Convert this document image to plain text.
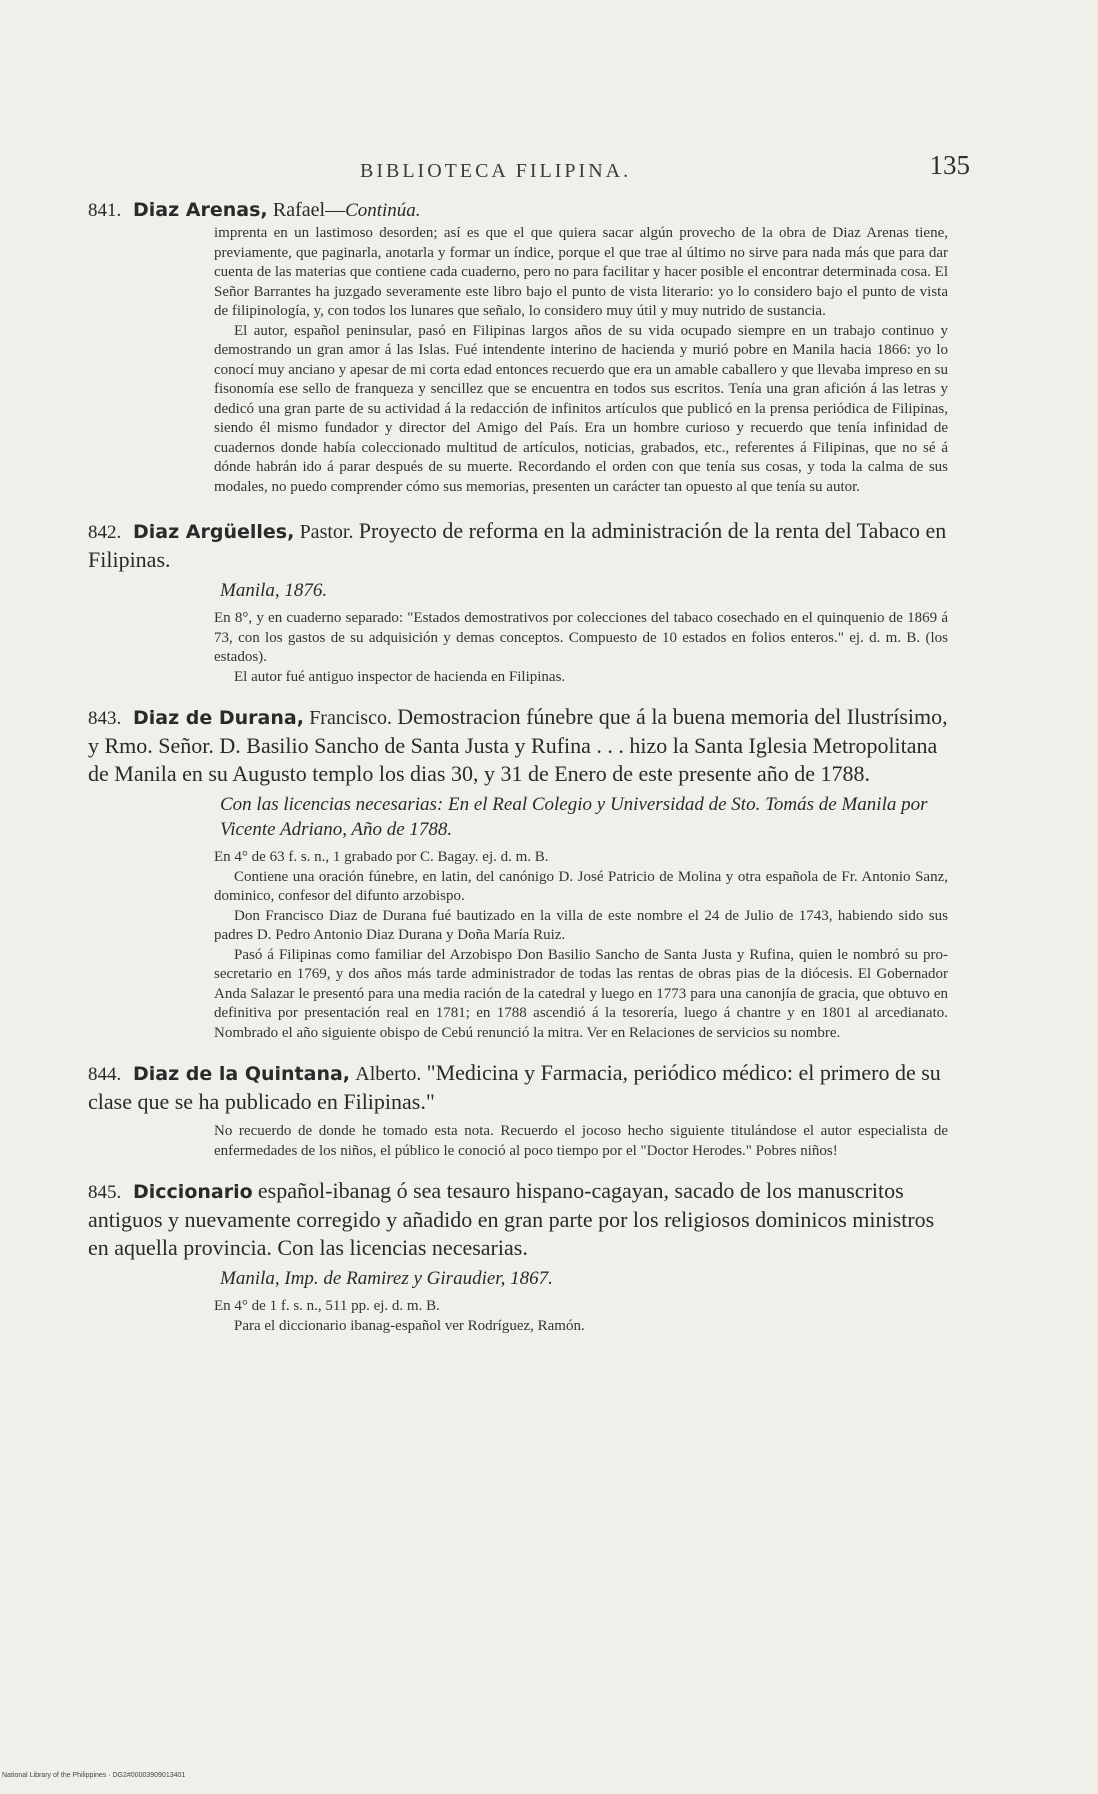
BIBLIOTECA FILIPINA.	135
841. Diaz Arenas, Rafael—Continúa.

imprenta en un lastimoso desorden; así es que el que quiera sacar algún provecho de la obra de Diaz Arenas tiene, previamente, que paginarla, anotarla y formar un índice, porque el que trae al último no sirve para nada más que para dar cuenta de las materias que contiene cada cuaderno, pero no para facilitar y hacer posible el encontrar determinada cosa. El Señor Barrantes ha juzgado severamente este libro bajo el punto de vista literario: yo lo considero bajo el punto de vista de filipinología, y, con todos los lunares que señalo, lo considero muy útil y muy nutrido de sustancia.

El autor, español peninsular, pasó en Filipinas largos años de su vida ocupado siempre en un trabajo continuo y demostrando un gran amor á las Islas. Fué intendente interino de hacienda y murió pobre en Manila hacia 1866: yo lo conocí muy anciano y apesar de mi corta edad entonces recuerdo que era un amable caballero y que llevaba impreso en su fisonomía ese sello de franqueza y sencillez que se encuentra en todos sus escritos. Tenía una gran afición á las letras y dedicó una gran parte de su actividad á la redacción de infinitos artículos que publicó en la prensa periódica de Filipinas, siendo él mismo fundador y director del Amigo del País. Era un hombre curioso y recuerdo que tenía infinidad de cuadernos donde había coleccionado multitud de artículos, noticias, grabados, etc., referentes á Filipinas, que no sé á dónde habrán ido á parar después de su muerte. Recordando el orden con que tenía sus cosas, y toda la calma de sus modales, no puedo comprender cómo sus memorias, presenten un carácter tan opuesto al que tenía su autor.

842. Diaz Argüelles, Pastor. Proyecto de reforma en la administración de la renta del Tabaco en Filipinas.
Manila, 1876.

En 8°, y en cuaderno separado: "Estados demostrativos por colecciones del tabaco cosechado en el quinquenio de 1869 á 73, con los gastos de su adquisición y demas conceptos. Compuesto de 10 estados en folios enteros." ej. d. m. B. (los estados).

El autor fué antiguo inspector de hacienda en Filipinas.

843. Diaz de Durana, Francisco. Demostracion fúnebre que á la buena memoria del Ilustrísimo, y Rmo. Señor. D. Basilio Sancho de Santa Justa y Rufina . . . hizo la Santa Iglesia Metropolitana de Manila en su Augusto templo los dias 30, y 31 de Enero de este presente año de 1788.
Con las licencias necesarias: En el Real Colegio y Universidad de Sto. Tomás de Manila por Vicente Adriano, Año de 1788.

En 4° de 63 f. s. n., 1 grabado por C. Bagay. ej. d. m. B.

Contiene una oración fúnebre, en latin, del canónigo D. José Patricio de Molina y otra española de Fr. Antonio Sanz, dominico, confesor del difunto arzobispo.

Don Francisco Diaz de Durana fué bautizado en la villa de este nombre el 24 de Julio de 1743, habiendo sido sus padres D. Pedro Antonio Diaz Durana y Doña María Ruiz.

Pasó á Filipinas como familiar del Arzobispo Don Basilio Sancho de Santa Justa y Rufina, quien le nombró su pro-secretario en 1769, y dos años más tarde administrador de todas las rentas de obras pias de la diócesis. El Gobernador Anda Salazar le presentó para una media ración de la catedral y luego en 1773 para una canonjía de gracia, que obtuvo en definitiva por presentación real en 1781; en 1788 ascendió á la tesorería, luego á chantre y en 1801 al arcedianato. Nombrado el año siguiente obispo de Cebú renunció la mitra. Ver en Relaciones de servicios su nombre.

844. Diaz de la Quintana, Alberto. "Medicina y Farmacia, periódico médico: el primero de su clase que se ha publicado en Filipinas."

No recuerdo de donde he tomado esta nota. Recuerdo el jocoso hecho siguiente titulándose el autor especialista de enfermedades de los niños, el público le conoció al poco tiempo por el "Doctor Herodes." Pobres niños!

845. Diccionario español-ibanag ó sea tesauro hispano-cagayan, sacado de los manuscritos antiguos y nuevamente corregido y añadido en gran parte por los religiosos dominicos ministros en aquella provincia. Con las licencias necesarias.
Manila, Imp. de Ramirez y Giraudier, 1867.

En 4° de 1 f. s. n., 511 pp. ej. d. m. B.

Para el diccionario ibanag-español ver Rodríguez, Ramón.

National Library of the Philippines · DG2#00003909013401
